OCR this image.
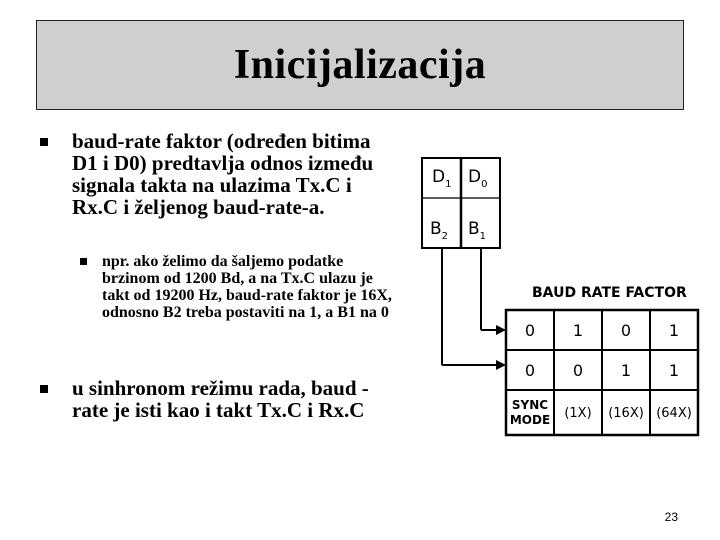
Inicijalizacija
baud-rate faktor (određen bitima D1 i D0) predtavlja odnos između signala takta na ulazima Tx.C i Rx.C i željenog baud-rate-a.
npr. ako želimo da šaljemo podatke brzinom od 1200 Bd, a na Tx.C ulazu je takt od 19200 Hz, baud-rate faktor je 16X, odnosno B2 treba postaviti na 1, a B1 na 0
u sinhronom režimu rada, baud -rate je isti kao i takt Tx.C i Rx.C
$D_1$ $D_0$
$B_2$ $B_1$
BAUD RATE FACTOR
0 1 0 1
0 0 1 1
SYNC
MODE (1X) (16X) (64X)
23
